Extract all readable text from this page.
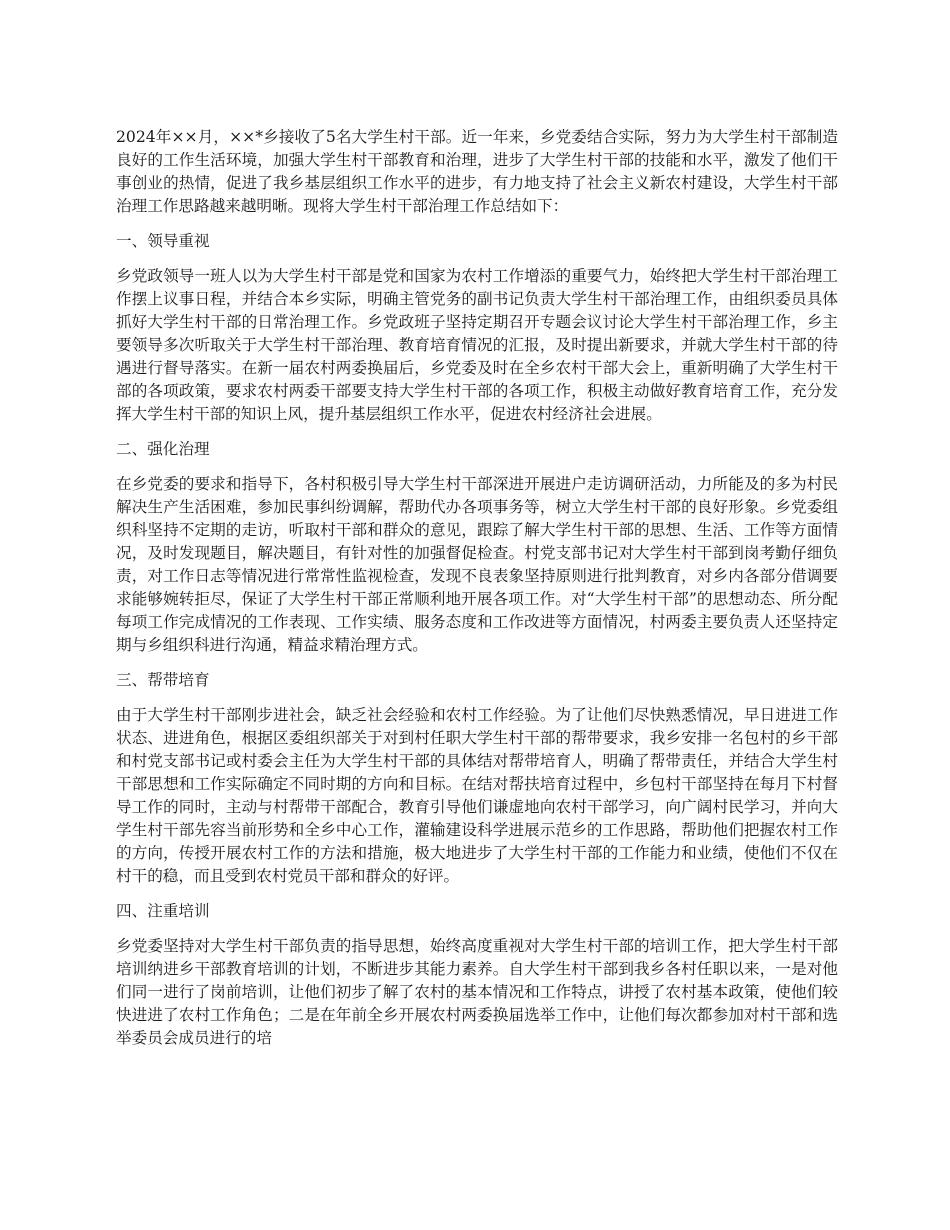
2024年××月，××*乡接收了5名大学生村干部。近一年来，乡党委结合实际，努力为大学生村干部制造良好的工作生活环境，加强大学生村干部教育和治理，进步了大学生村干部的技能和水平，激发了他们干事创业的热情，促进了我乡基层组织工作水平的进步，有力地支持了社会主义新农村建设，大学生村干部治理工作思路越来越明晰。现将大学生村干部治理工作总结如下：

一、领导重视

乡党政领导一班人以为大学生村干部是党和国家为农村工作增添的重要气力，始终把大学生村干部治理工作摆上议事日程，并结合本乡实际，明确主管党务的副书记负责大学生村干部治理工作，由组织委员具体抓好大学生村干部的日常治理工作。乡党政班子坚持定期召开专题会议讨论大学生村干部治理工作，乡主要领导多次听取关于大学生村干部治理、教育培育情况的汇报，及时提出新要求，并就大学生村干部的待遇进行督导落实。在新一届农村两委换届后，乡党委及时在全乡农村干部大会上，重新明确了大学生村干部的各项政策，要求农村两委干部要支持大学生村干部的各项工作，积极主动做好教育培育工作，充分发挥大学生村干部的知识上风，提升基层组织工作水平，促进农村经济社会进展。

二、强化治理

在乡党委的要求和指导下，各村积极引导大学生村干部深进开展进户走访调研活动，力所能及的多为村民解决生产生活困难，参加民事纠纷调解，帮助代办各项事务等，树立大学生村干部的良好形象。乡党委组织科坚持不定期的走访，听取村干部和群众的意见，跟踪了解大学生村干部的思想、生活、工作等方面情况，及时发现题目，解决题目，有针对性的加强督促检查。村党支部书记对大学生村干部到岗考勤仔细负责，对工作日志等情况进行常常性监视检查，发现不良表象坚持原则进行批判教育，对乡内各部分借调要求能够婉转拒尽，保证了大学生村干部正常顺利地开展各项工作。对“大学生村干部”的思想动态、所分配每项工作完成情况的工作表现、工作实绩、服务态度和工作改进等方面情况，村两委主要负责人还坚持定期与乡组织科进行沟通，精益求精治理方式。

三、帮带培育

由于大学生村干部刚步进社会，缺乏社会经验和农村工作经验。为了让他们尽快熟悉情况，早日进进工作状态、进进角色，根据区委组织部关于对到村任职大学生村干部的帮带要求，我乡安排一名包村的乡干部和村党支部书记或村委会主任为大学生村干部的具体结对帮带培育人，明确了帮带责任，并结合大学生村干部思想和工作实际确定不同时期的方向和目标。在结对帮扶培育过程中，乡包村干部坚持在每月下村督导工作的同时，主动与村帮带干部配合，教育引导他们谦虚地向农村干部学习，向广阔村民学习，并向大学生村干部先容当前形势和全乡中心工作，灌输建设科学进展示范乡的工作思路，帮助他们把握农村工作的方向，传授开展农村工作的方法和措施，极大地进步了大学生村干部的工作能力和业绩，使他们不仅在村干的稳，而且受到农村党员干部和群众的好评。

四、注重培训

乡党委坚持对大学生村干部负责的指导思想，始终高度重视对大学生村干部的培训工作，把大学生村干部培训纳进乡干部教育培训的计划，不断进步其能力素养。自大学生村干部到我乡各村任职以来，一是对他们同一进行了岗前培训，让他们初步了解了农村的基本情况和工作特点，讲授了农村基本政策，使他们较快进进了农村工作角色；二是在年前全乡开展农村两委换届选举工作中，让他们每次都参加对村干部和选举委员会成员进行的培
